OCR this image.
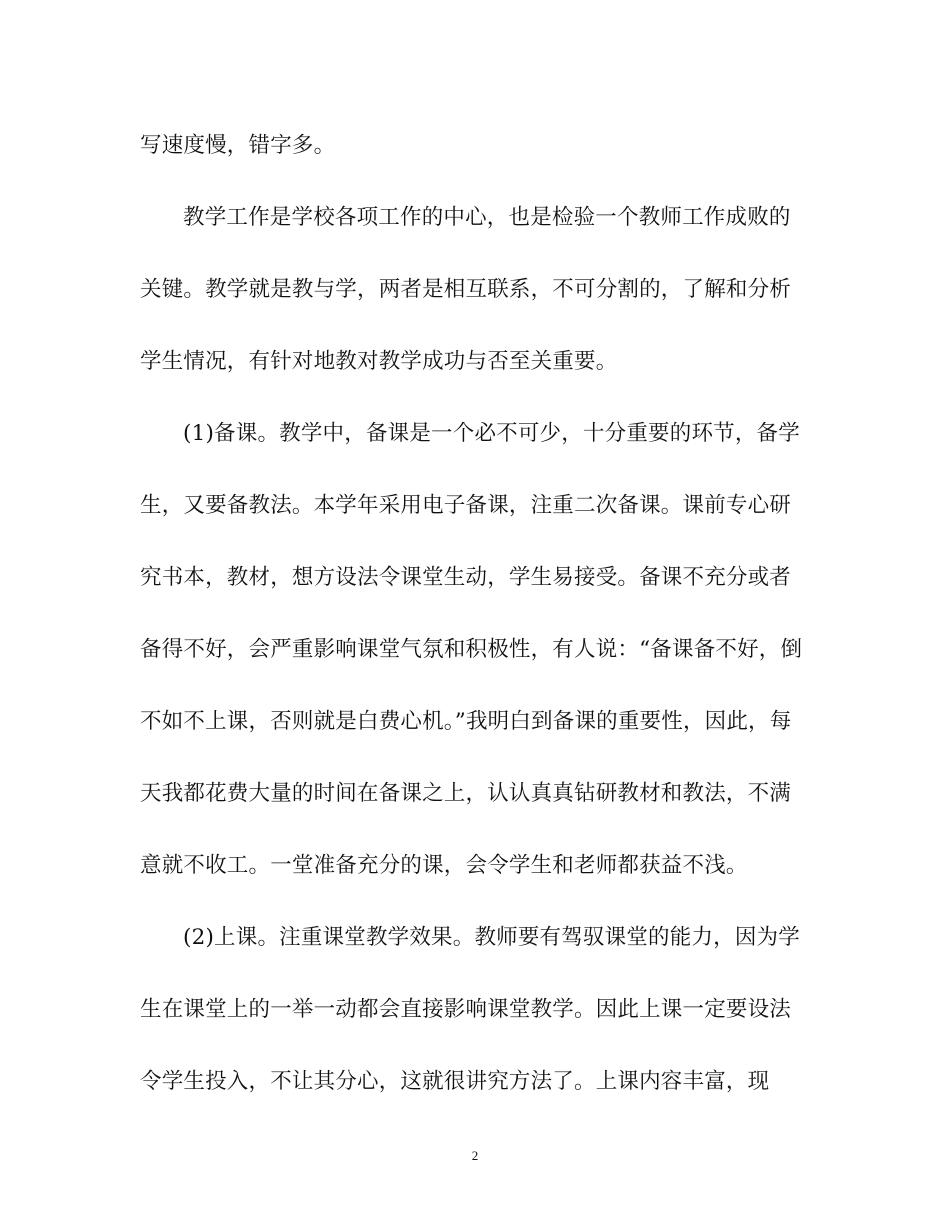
写速度慢，错字多。
教学工作是学校各项工作的中心，也是检验一个教师工作成败的
关键。教学就是教与学，两者是相互联系，不可分割的，了解和分析
学生情况，有针对地教对教学成功与否至关重要。
(1)备课。教学中，备课是一个必不可少，十分重要的环节，备学
生，又要备教法。本学年采用电子备课，注重二次备课。课前专心研
究书本，教材，想方设法令课堂生动，学生易接受。备课不充分或者
备得不好，会严重影响课堂气氛和积极性，有人说：“备课备不好，倒
不如不上课，否则就是白费心机。”我明白到备课的重要性，因此，每
天我都花费大量的时间在备课之上，认认真真钻研教材和教法，不满
意就不收工。一堂准备充分的课，会令学生和老师都获益不浅。
(2)上课。注重课堂教学效果。教师要有驾驭课堂的能力，因为学
生在课堂上的一举一动都会直接影响课堂教学。因此上课一定要设法
令学生投入，不让其分心，这就很讲究方法了。上课内容丰富，现
2
